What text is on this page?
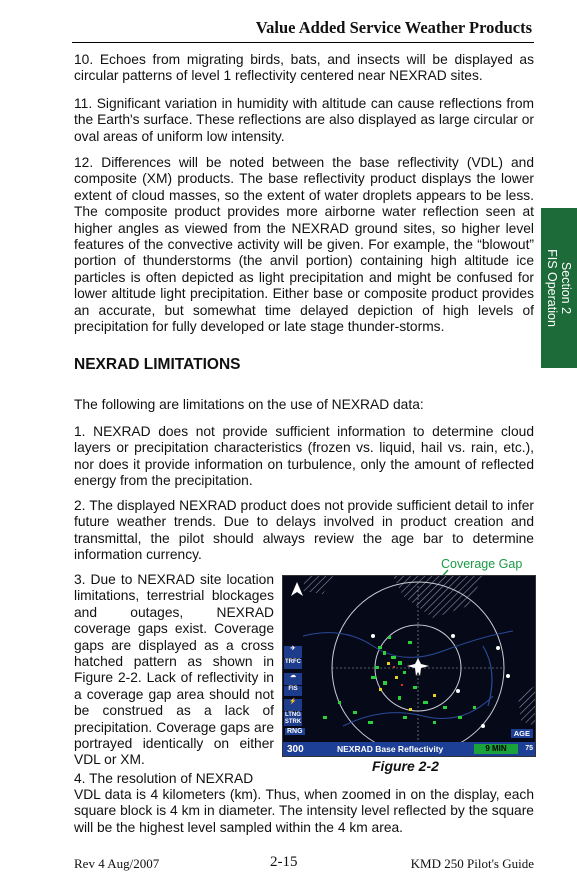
Value Added Service Weather Products
Section 2
FIS Operation

10. Echoes from migrating birds, bats, and insects will be displayed as circular patterns of level 1 reflectivity centered near NEXRAD sites.

11. Significant variation in humidity with altitude can cause reflections from the Earth's surface. These reflections are also displayed as large circular or oval areas of uniform low intensity.

12. Differences will be noted between the base reflectivity (VDL) and composite (XM) products. The base reflectivity product displays the lower extent of cloud masses, so the extent of water droplets appears to be less. The composite product provides more airborne water reflection seen at higher angles as viewed from the NEXRAD ground sites, so higher level features of the convective activity will be given. For example, the “blowout” portion of thunderstorms (the anvil portion) containing high altitude ice particles is often depicted as light precipitation and might be confused for lower altitude light precipitation. Either base or composite product provides an accurate, but somewhat time delayed depiction of high levels of precipitation for fully developed or late stage thunder-storms.

NEXRAD LIMITATIONS

The following are limitations on the use of NEXRAD data:

1. NEXRAD does not provide sufficient information to determine cloud layers or precipitation characteristics (frozen vs. liquid, hail vs. rain, etc.), nor does it provide information on turbulence, only the amount of reflected energy from the precipitation.

2. The displayed NEXRAD product does not provide sufficient detail to infer future weather trends. Due to delays involved in product creation and transmittal, the pilot should always review the age bar to determine information currency.

3. Due to NEXRAD site location limitations, terrestrial blockages and outages, NEXRAD coverage gaps exist. Coverage gaps are displayed as a cross hatched pattern as shown in Figure 2-2. Lack of reflectivity in a coverage gap area should not be construed as a lack of precipitation. Coverage gaps are portrayed identically on either VDL or XM.

4. The resolution of NEXRAD

VDL data is 4 kilometers (km). Thus, when zoomed in on the display, each square block is 4 km in diameter. The intensity level reflected by the square will be the highest level sampled within the 4 km area.

Coverage Gap
✈
TRFC
☁
FIS
⚡
LTNG STRK
RNG
300	NEXRAD Base Reflectivity
AGE
9 MIN	75
Figure 2-2
Rev 4 Aug/2007	2-15	KMD 250 Pilot's Guide
